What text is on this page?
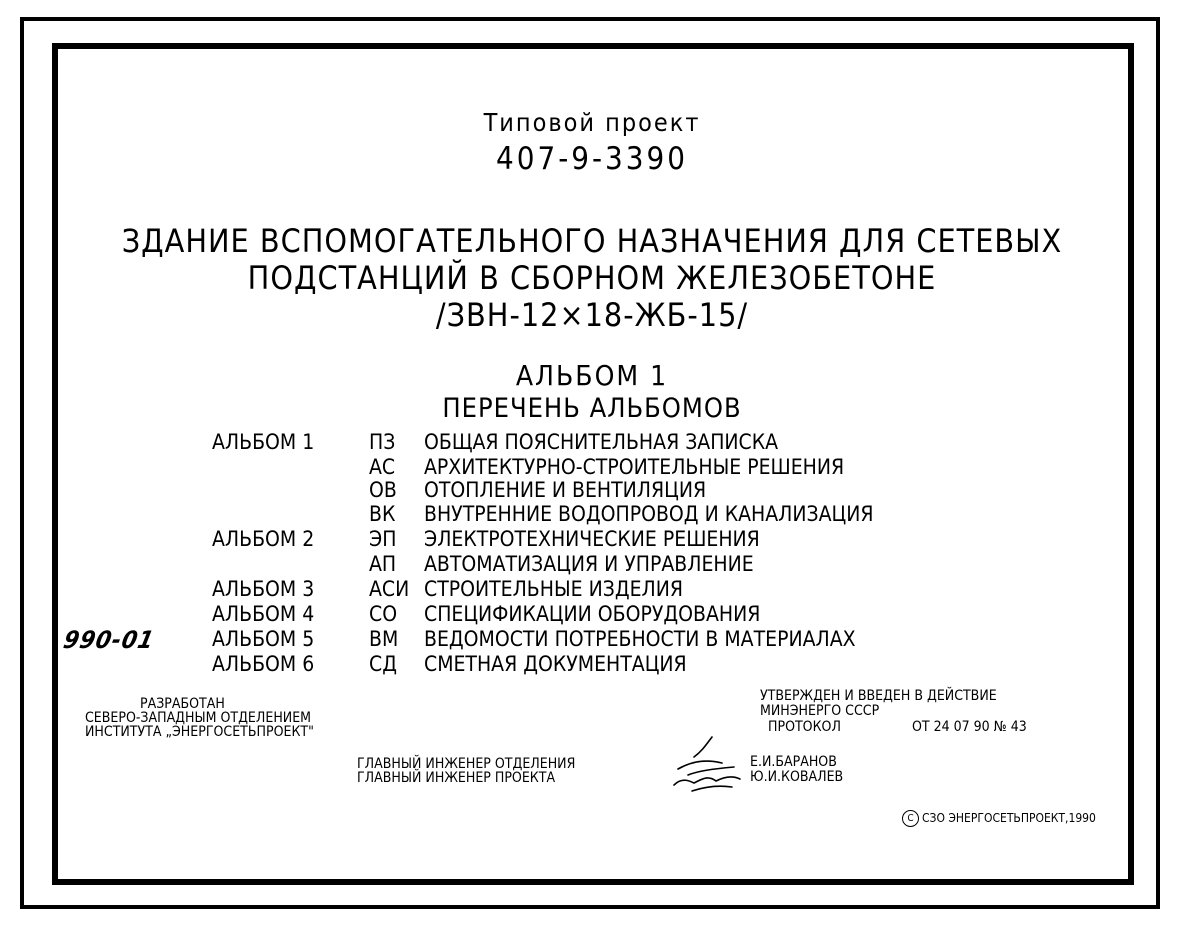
Типовой проект
407-9-3390
ЗДАНИЕ ВСПОМОГАТЕЛЬНОГО НАЗНАЧЕНИЯ ДЛЯ СЕТЕВЫХ
ПОДСТАНЦИЙ В СБОРНОМ ЖЕЛЕЗОБЕТОНЕ
/ЗВН-12×18-ЖБ-15/
АЛЬБОМ 1
ПЕРЕЧЕНЬ АЛЬБОМОВ
АЛЬБОМ 1	ПЗ ОБЩАЯ ПОЯСНИТЕЛЬНАЯ ЗАПИСКА
АС АРХИТЕКТУРНО-СТРОИТЕЛЬНЫЕ РЕШЕНИЯ
ОВ ОТОПЛЕНИЕ И ВЕНТИЛЯЦИЯ
ВК ВНУТРЕННИЕ ВОДОПРОВОД И КАНАЛИЗАЦИЯ
АЛЬБОМ 2	ЭП ЭЛЕКТРОТЕХНИЧЕСКИЕ РЕШЕНИЯ
АП АВТОМАТИЗАЦИЯ И УПРАВЛЕНИЕ
АЛЬБОМ 3	АСИ СТРОИТЕЛЬНЫЕ ИЗДЕЛИЯ
АЛЬБОМ 4	СО СПЕЦИФИКАЦИИ ОБОРУДОВАНИЯ
АЛЬБОМ 5	ВМ ВЕДОМОСТИ ПОТРЕБНОСТИ В МАТЕРИАЛАХ
АЛЬБОМ 6	СД СМЕТНАЯ ДОКУМЕНТАЦИЯ
990-01
РАЗРАБОТАН
СЕВЕРО-ЗАПАДНЫМ ОТДЕЛЕНИЕМ
ИНСТИТУТА „ЭНЕРГОСЕТЬПРОЕКТ"
УТВЕРЖДЕН И ВВЕДЕН В ДЕЙСТВИЕ
МИНЭНЕРГО СССР
ПРОТОКОЛ	ОТ 24 07 90 № 43
ГЛАВНЫЙ ИНЖЕНЕР ОТДЕЛЕНИЯ
ГЛАВНЫЙ ИНЖЕНЕР ПРОЕКТА
Е.И.БАРАНОВ
Ю.И.КОВАЛЕВ
C СЗО ЭНЕРГОСЕТЬПРОЕКТ,1990
